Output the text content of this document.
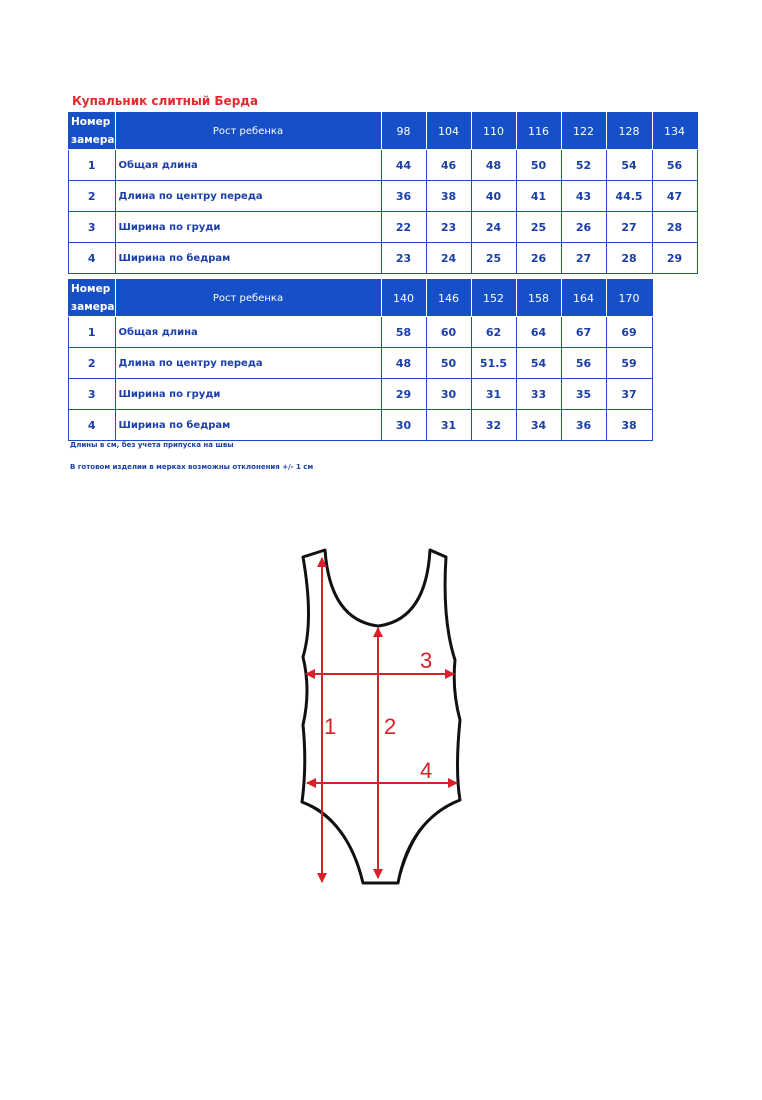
Купальник слитный Берда
Номер
замера	Рост ребенка	98	104	110	116	122	128	134
1	Общая длина	44	46	48	50	52	54	56
2	Длина по центру переда	36	38	40	41	43	44.5	47
3	Ширина по груди	22	23	24	25	26	27	28
4	Ширина по бедрам	23	24	25	26	27	28	29
Номер
замера	Рост ребенка	140	146	152	158	164	170
1	Общая длина	58	60	62	64	67	69
2	Длина по центру переда	48	50	51.5	54	56	59
3	Ширина по груди	29	30	31	33	35	37
4	Ширина по бедрам	30	31	32	34	36	38
Длины в см, без учета припуска на швы
В готовом изделии в мерках возможны отклонения +/- 1 см
1 2
3
4
